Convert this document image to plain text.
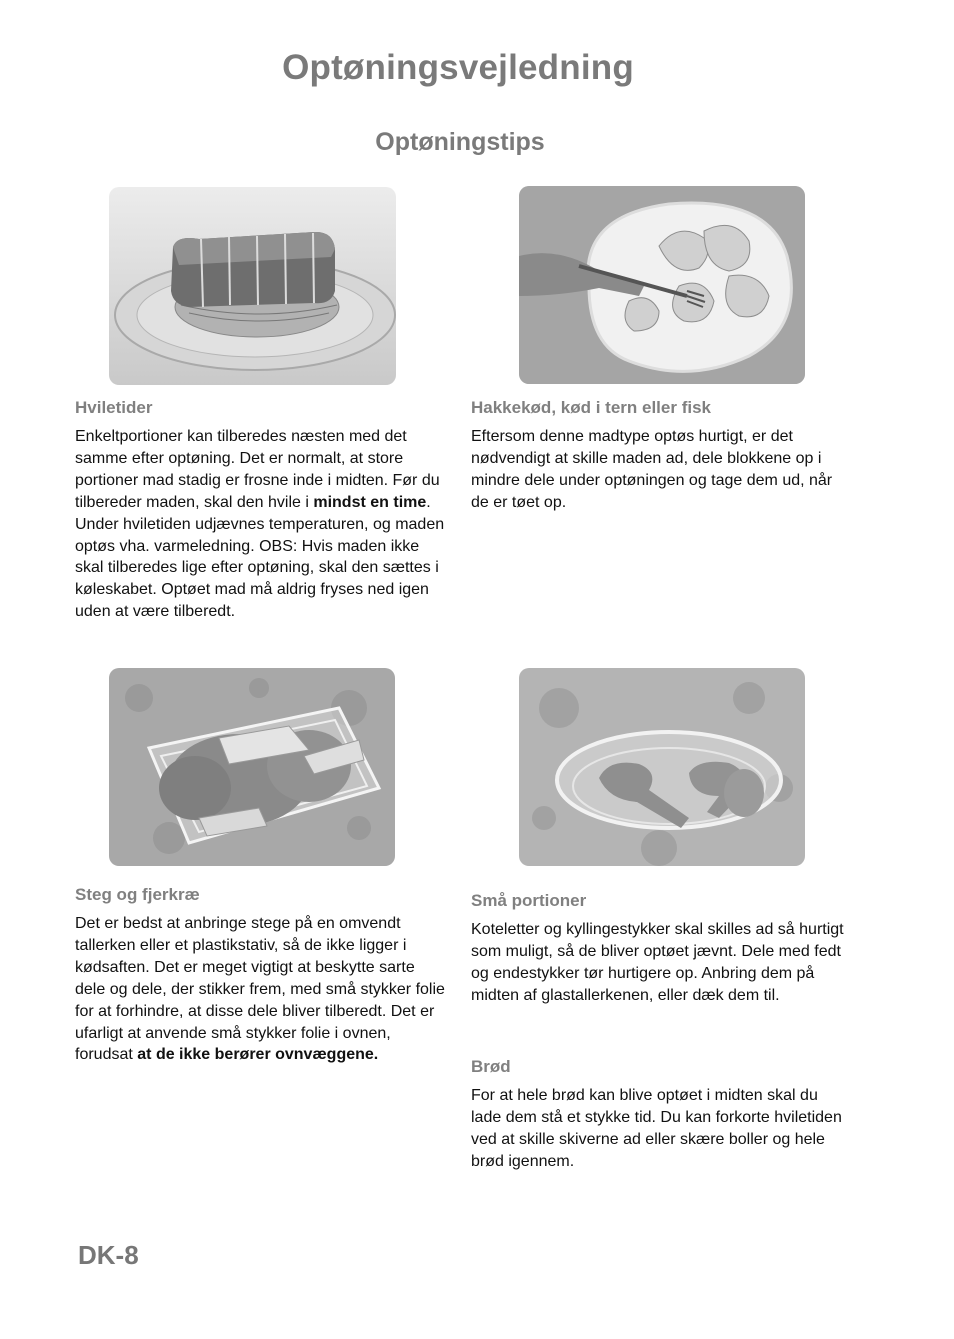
Optøningsvejledning
Optøningstips
Hviletider
Enkeltportioner kan tilberedes næsten med det samme efter optøning. Det er normalt, at store portioner mad stadig er frosne inde i midten. Før du tilbereder maden, skal den hvile i mindst en time. Under hviletiden udjævnes temperaturen, og maden optøs vha. varmeledning. OBS: Hvis maden ikke skal tilberedes lige efter optøning, skal den sættes i køleskabet. Optøet mad må aldrig fryses ned igen uden at være tilberedt.
Hakkekød, kød i tern eller fisk
Eftersom denne madtype optøs hurtigt, er det nødvendigt at skille maden ad, dele blokkene op i mindre dele under optøningen og tage dem ud, når de er tøet op.
Steg og fjerkræ
Det er bedst at anbringe stege på en omvendt tallerken eller et plastikstativ, så de ikke ligger i kødsaften. Det er meget vigtigt at beskytte sarte dele og dele, der stikker frem, med små stykker folie for at forhindre, at disse dele bliver tilberedt. Det er ufarligt at anvende små stykker folie i ovnen, forudsat at de ikke berører ovnvæggene.
Små portioner
Koteletter og kyllingestykker skal skilles ad så hurtigt som muligt, så de bliver optøet jævnt. Dele med fedt og endestykker tør hurtigere op. Anbring dem på midten af glastallerkenen, eller dæk dem til.
Brød
For at hele brød kan blive optøet i midten skal du lade dem stå et stykke tid. Du kan forkorte hviletiden ved at skille skiverne ad eller skære boller og hele brød igennem.
DK-8
